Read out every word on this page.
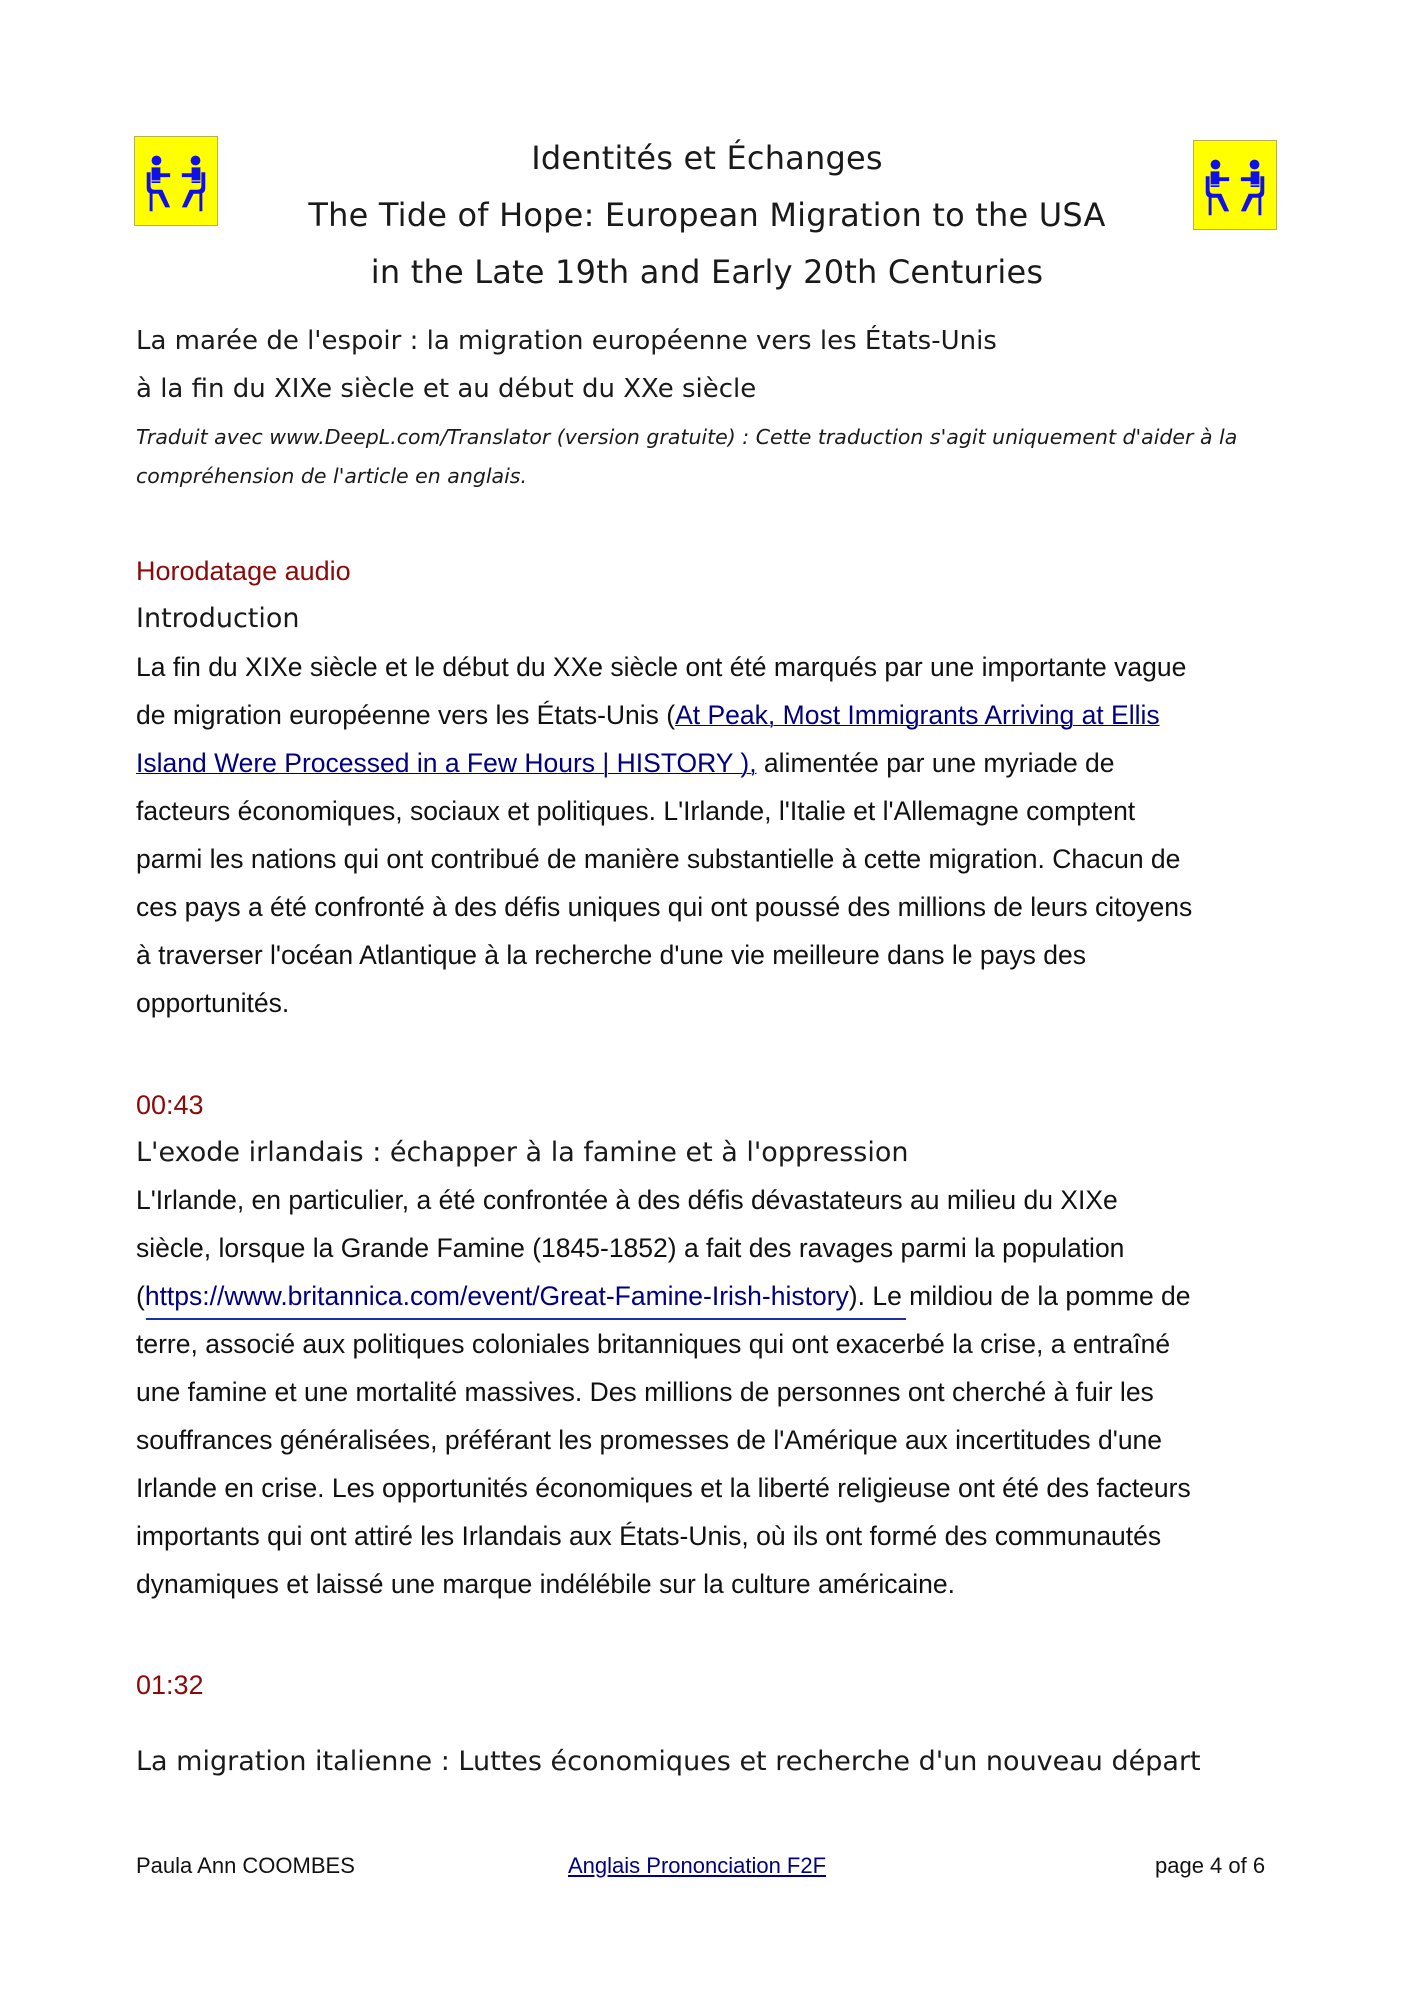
Identités et Échanges
The Tide of Hope: European Migration to the USA
in the Late 19th and Early 20th Centuries
La marée de l'espoir : la migration européenne vers les États-Unis
à la fin du XIXe siècle et au début du XXe siècle
Traduit avec www.DeepL.com/Translator (version gratuite) : Cette traduction s'agit uniquement d'aider à la
compréhension de l'article en anglais.
Horodatage audio
Introduction
La fin du XIXe siècle et le début du XXe siècle ont été marqués par une importante vague
de migration européenne vers les États-Unis (At Peak, Most Immigrants Arriving at Ellis
Island Were Processed in a Few Hours | HISTORY ), alimentée par une myriade de
facteurs économiques, sociaux et politiques. L'Irlande, l'Italie et l'Allemagne comptent
parmi les nations qui ont contribué de manière substantielle à cette migration. Chacun de
ces pays a été confronté à des défis uniques qui ont poussé des millions de leurs citoyens
à traverser l'océan Atlantique à la recherche d'une vie meilleure dans le pays des
opportunités.
00:43
L'exode irlandais : échapper à la famine et à l'oppression
L'Irlande, en particulier, a été confrontée à des défis dévastateurs au milieu du XIXe
siècle, lorsque la Grande Famine (1845-1852) a fait des ravages parmi la population
(https://www.britannica.com/event/Great-Famine-Irish-history). Le mildiou de la pomme de
terre, associé aux politiques coloniales britanniques qui ont exacerbé la crise, a entraîné
une famine et une mortalité massives. Des millions de personnes ont cherché à fuir les
souffrances généralisées, préférant les promesses de l'Amérique aux incertitudes d'une
Irlande en crise. Les opportunités économiques et la liberté religieuse ont été des facteurs
importants qui ont attiré les Irlandais aux États-Unis, où ils ont formé des communautés
dynamiques et laissé une marque indélébile sur la culture américaine.
01:32
La migration italienne : Luttes économiques et recherche d'un nouveau départ
Paula Ann COOMBES	Anglais Prononciation F2F	page 4 of 6
